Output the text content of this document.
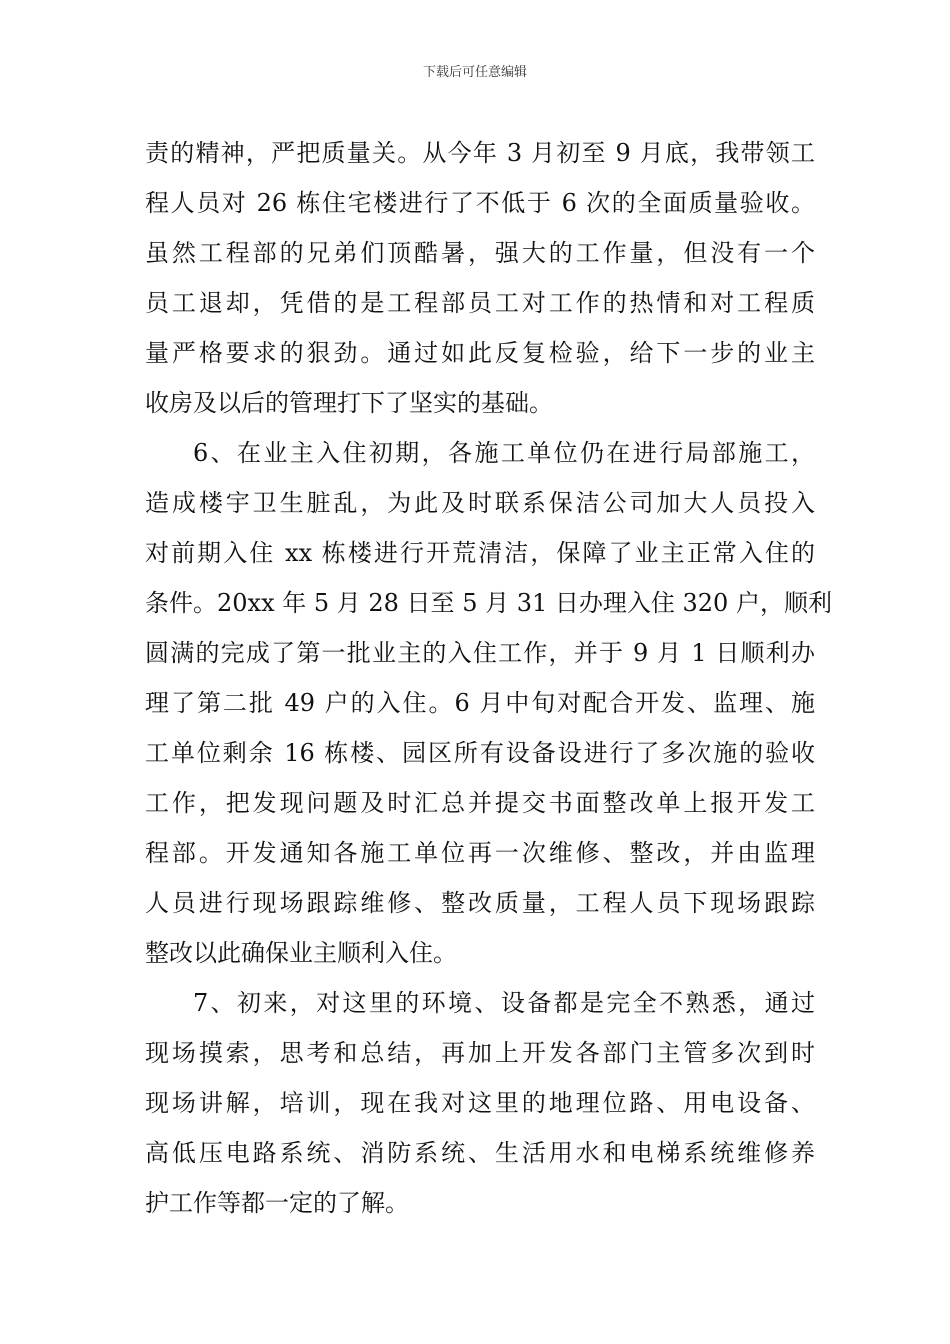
下载后可任意编辑
责的精神，严把质量关。从今年 3 月初至 9 月底，我带领工
程人员对 26 栋住宅楼进行了不低于 6 次的全面质量验收。
虽然工程部的兄弟们顶酷暑，强大的工作量，但没有一个
员工退却，凭借的是工程部员工对工作的热情和对工程质
量严格要求的狠劲。通过如此反复检验，给下一步的业主
收房及以后的管理打下了坚实的基础。
6、在业主入住初期，各施工单位仍在进行局部施工，
造成楼宇卫生脏乱，为此及时联系保洁公司加大人员投入
对前期入住 xx 栋楼进行开荒清洁，保障了业主正常入住的
条件。20xx 年 5 月 28 日至 5 月 31 日办理入住 320 户，顺利
圆满的完成了第一批业主的入住工作，并于 9 月 1 日顺利办
理了第二批 49 户的入住。6 月中旬对配合开发、监理、施
工单位剩余 16 栋楼、园区所有设备设进行了多次施的验收
工作，把发现问题及时汇总并提交书面整改单上报开发工
程部。开发通知各施工单位再一次维修、整改，并由监理
人员进行现场跟踪维修、整改质量，工程人员下现场跟踪
整改以此确保业主顺利入住。
7、初来，对这里的环境、设备都是完全不熟悉，通过
现场摸索，思考和总结，再加上开发各部门主管多次到时
现场讲解，培训，现在我对这里的地理位路、用电设备、
高低压电路系统、消防系统、生活用水和电梯系统维修养
护工作等都一定的了解。
